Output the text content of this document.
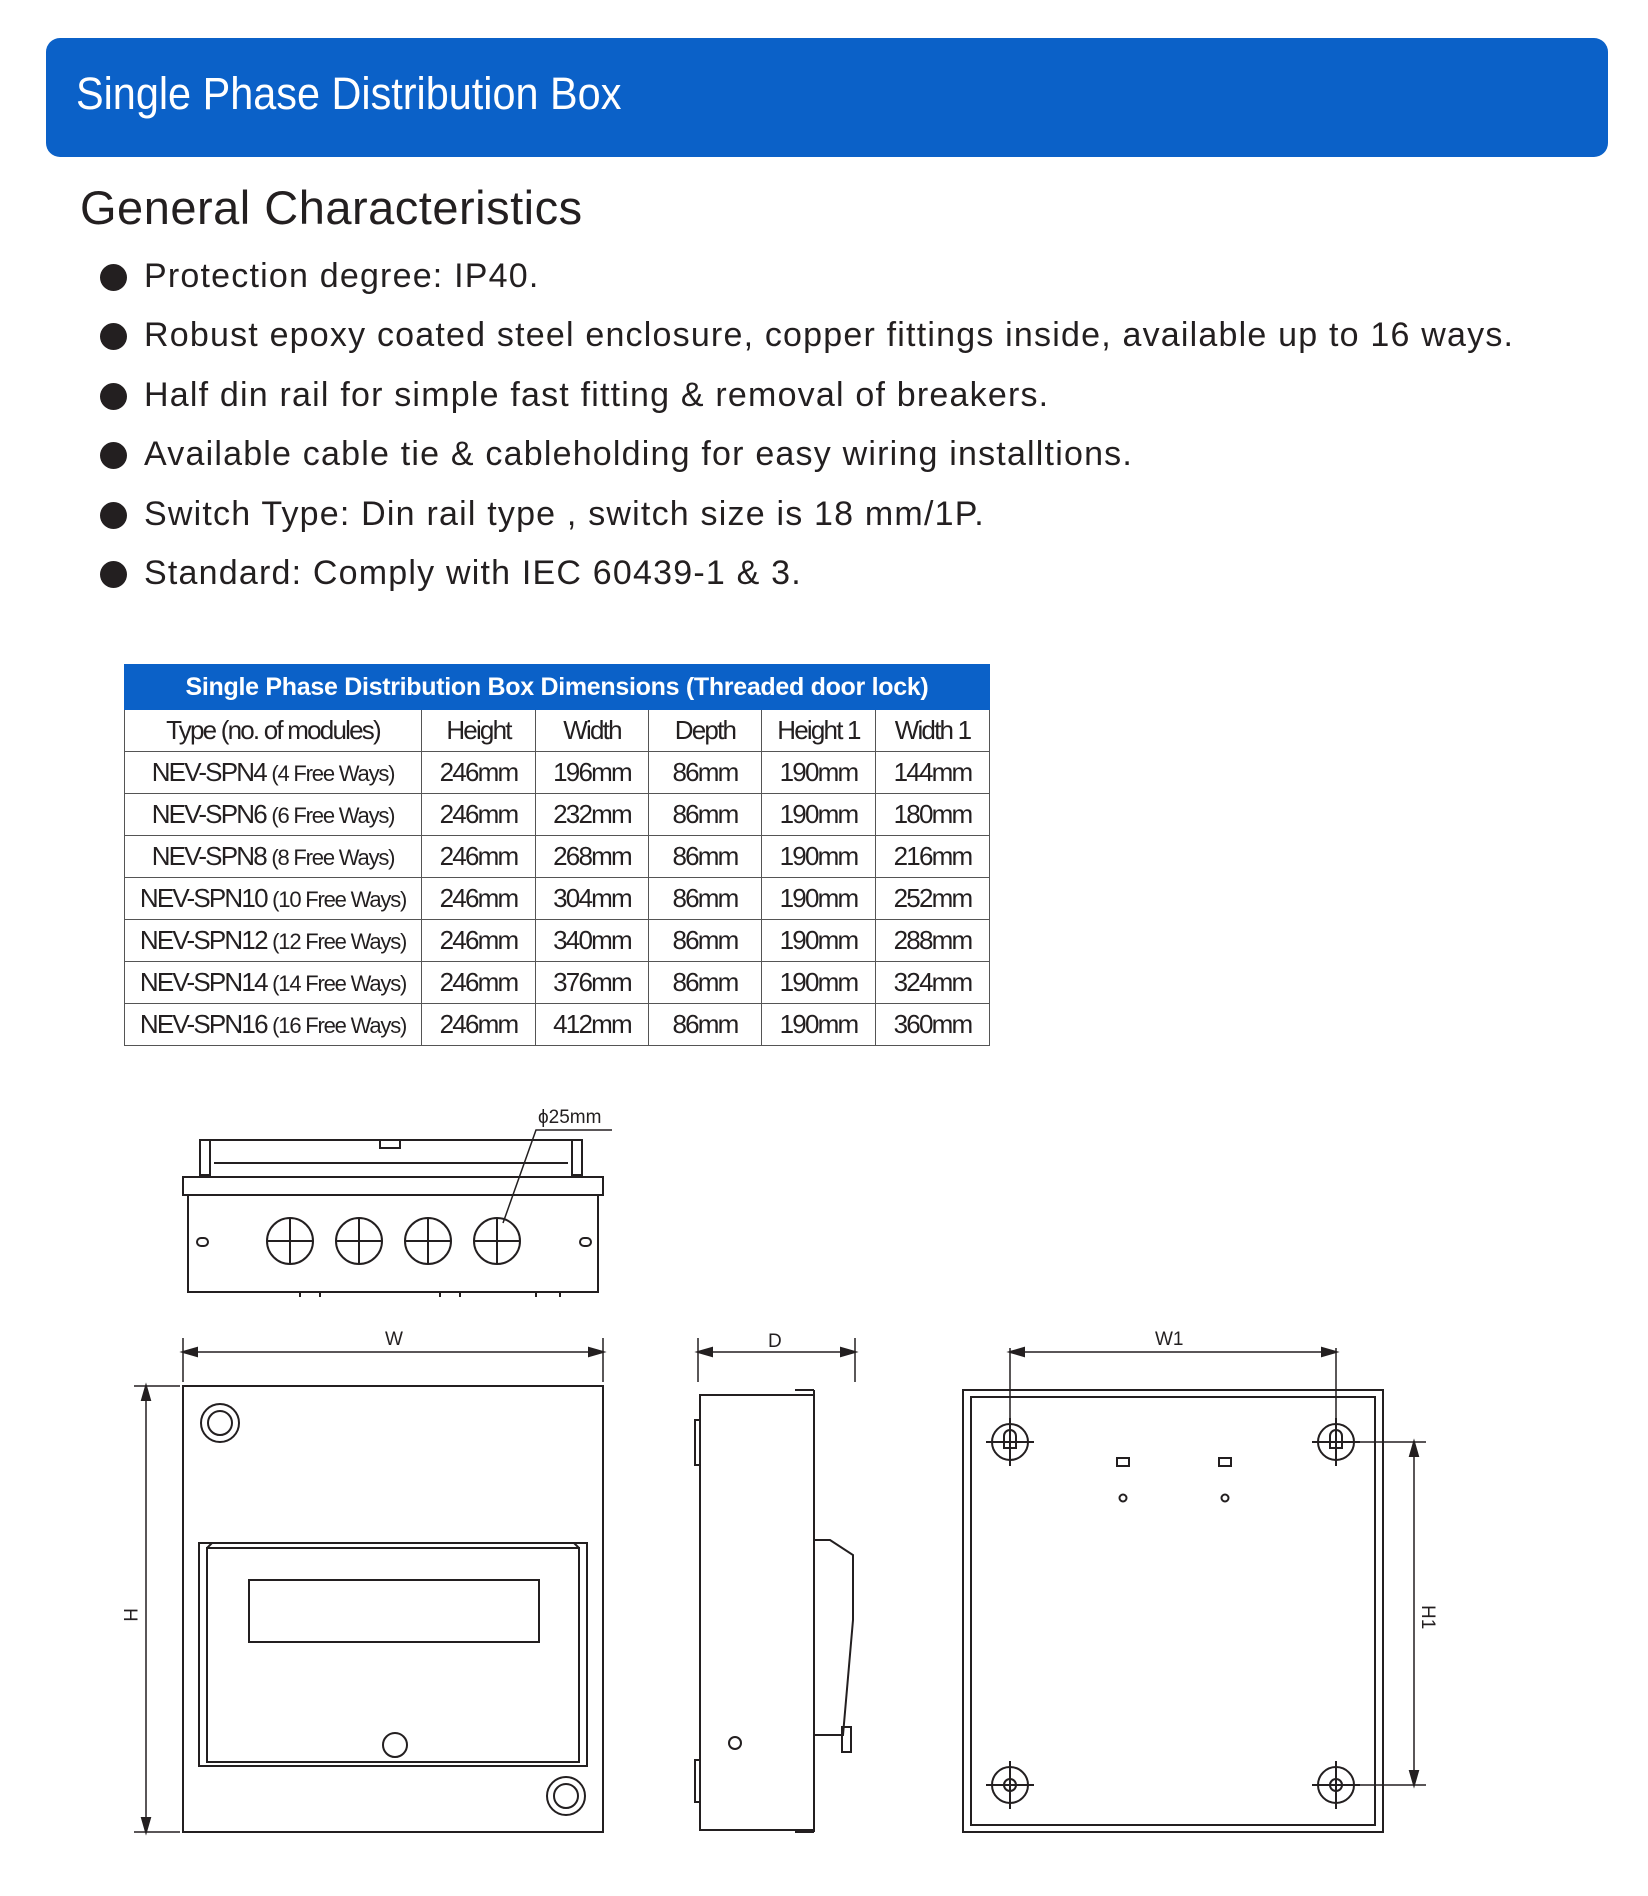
Single Phase Distribution Box
General Characteristics
Protection degree: IP40.
Robust epoxy coated steel enclosure, copper fittings inside, available up to 16 ways.
Half din rail for simple fast fitting & removal of breakers.
Available cable tie & cableholding for easy wiring installtions.
Switch Type: Din rail type , switch size is 18 mm/1P.
Standard: Comply with IEC 60439-1 & 3.
Single Phase Distribution Box Dimensions (Threaded door lock)					
Type (no. of modules)	Height	Width	Depth	Height 1	Width 1
NEV-SPN4 (4 Free Ways)	246mm	196mm	86mm	190mm	144mm
NEV-SPN6 (6 Free Ways)	246mm	232mm	86mm	190mm	180mm
NEV-SPN8 (8 Free Ways)	246mm	268mm	86mm	190mm	216mm
NEV-SPN10 (10 Free Ways)	246mm	304mm	86mm	190mm	252mm
NEV-SPN12 (12 Free Ways)	246mm	340mm	86mm	190mm	288mm
NEV-SPN14 (14 Free Ways)	246mm	376mm	86mm	190mm	324mm
NEV-SPN16 (16 Free Ways)	246mm	412mm	86mm	190mm	360mm
ϕ25mm
W
H
D	W1
H1
